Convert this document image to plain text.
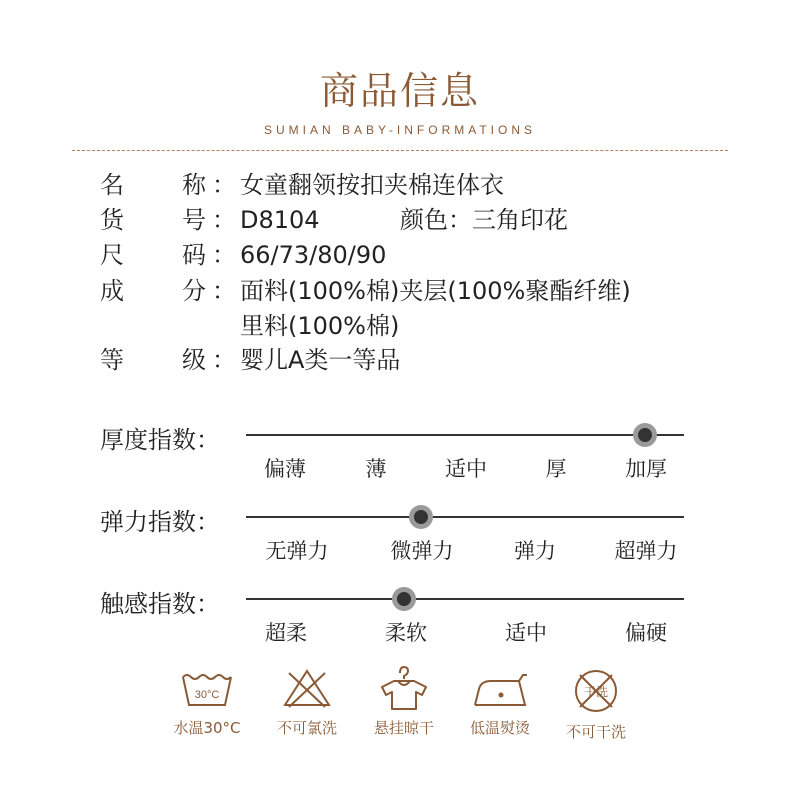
商品信息
SUMIAN BABY-INFORMATIONS
名 称 ： 女童翻领按扣夹棉连体衣
货 号 ： D8104	颜色：三角印花
尺 码 ： 66/73/80/90
成 分 ： 面料(100%棉)夹层(100%聚酯纤维)
里料(100%棉)
等 级 ： 婴儿A类一等品
厚度指数：
偏薄	薄	适中	厚	加厚
弹力指数：
无弹力	微弹力	弹力	超弹力
触感指数：
超柔	柔软	适中	偏硬
30°C
水温30°C	不可氯洗	悬挂晾干	低温熨烫
干洗
不可干洗
